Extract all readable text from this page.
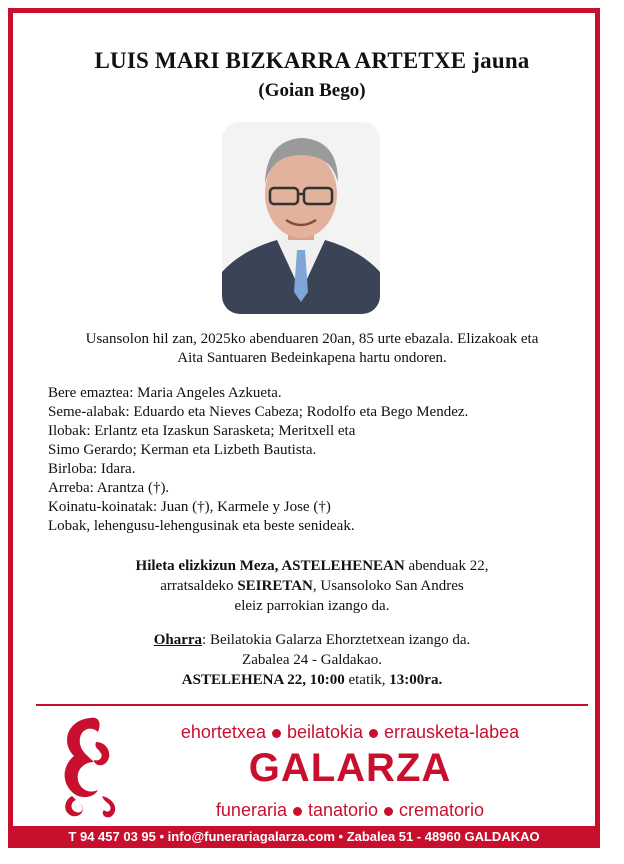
LUIS MARI BIZKARRA ARTETXE jauna
(Goian Bego)
Usansolon hil zan, 2025ko abenduaren 20an, 85 urte ebazala. Elizakoak eta
Aita Santuaren Bedeinkapena hartu ondoren.
Bere emaztea: Maria Angeles Azkueta.
Seme-alabak: Eduardo eta Nieves Cabeza; Rodolfo eta Bego Mendez.
Ilobak: Erlantz eta Izaskun Sarasketa; Meritxell eta
Simo Gerardo; Kerman eta Lizbeth Bautista.
Birloba: Idara.
Arreba: Arantza (†).
Koinatu-koinatak: Juan (†), Karmele y Jose (†)
Lobak, lehengusu-lehengusinak eta beste senideak.
Hileta elizkizun Meza, ASTELEHENEAN abenduak 22,
arratsaldeko SEIRETAN, Usansoloko San Andres
eleiz parrokian izango da.
Oharra: Beilatokia Galarza Ehorztetxean izango da.
Zabalea 24 - Galdakao.
ASTELEHENA 22, 10:00 etatik, 13:00ra.
ehortetxea beilatokia errausketa-labea
GALARZA
funeraria tanatorio crematorio
T 94 457 03 95 • info@funerariagalarza.com • Zabalea 51 - 48960 GALDAKAO
